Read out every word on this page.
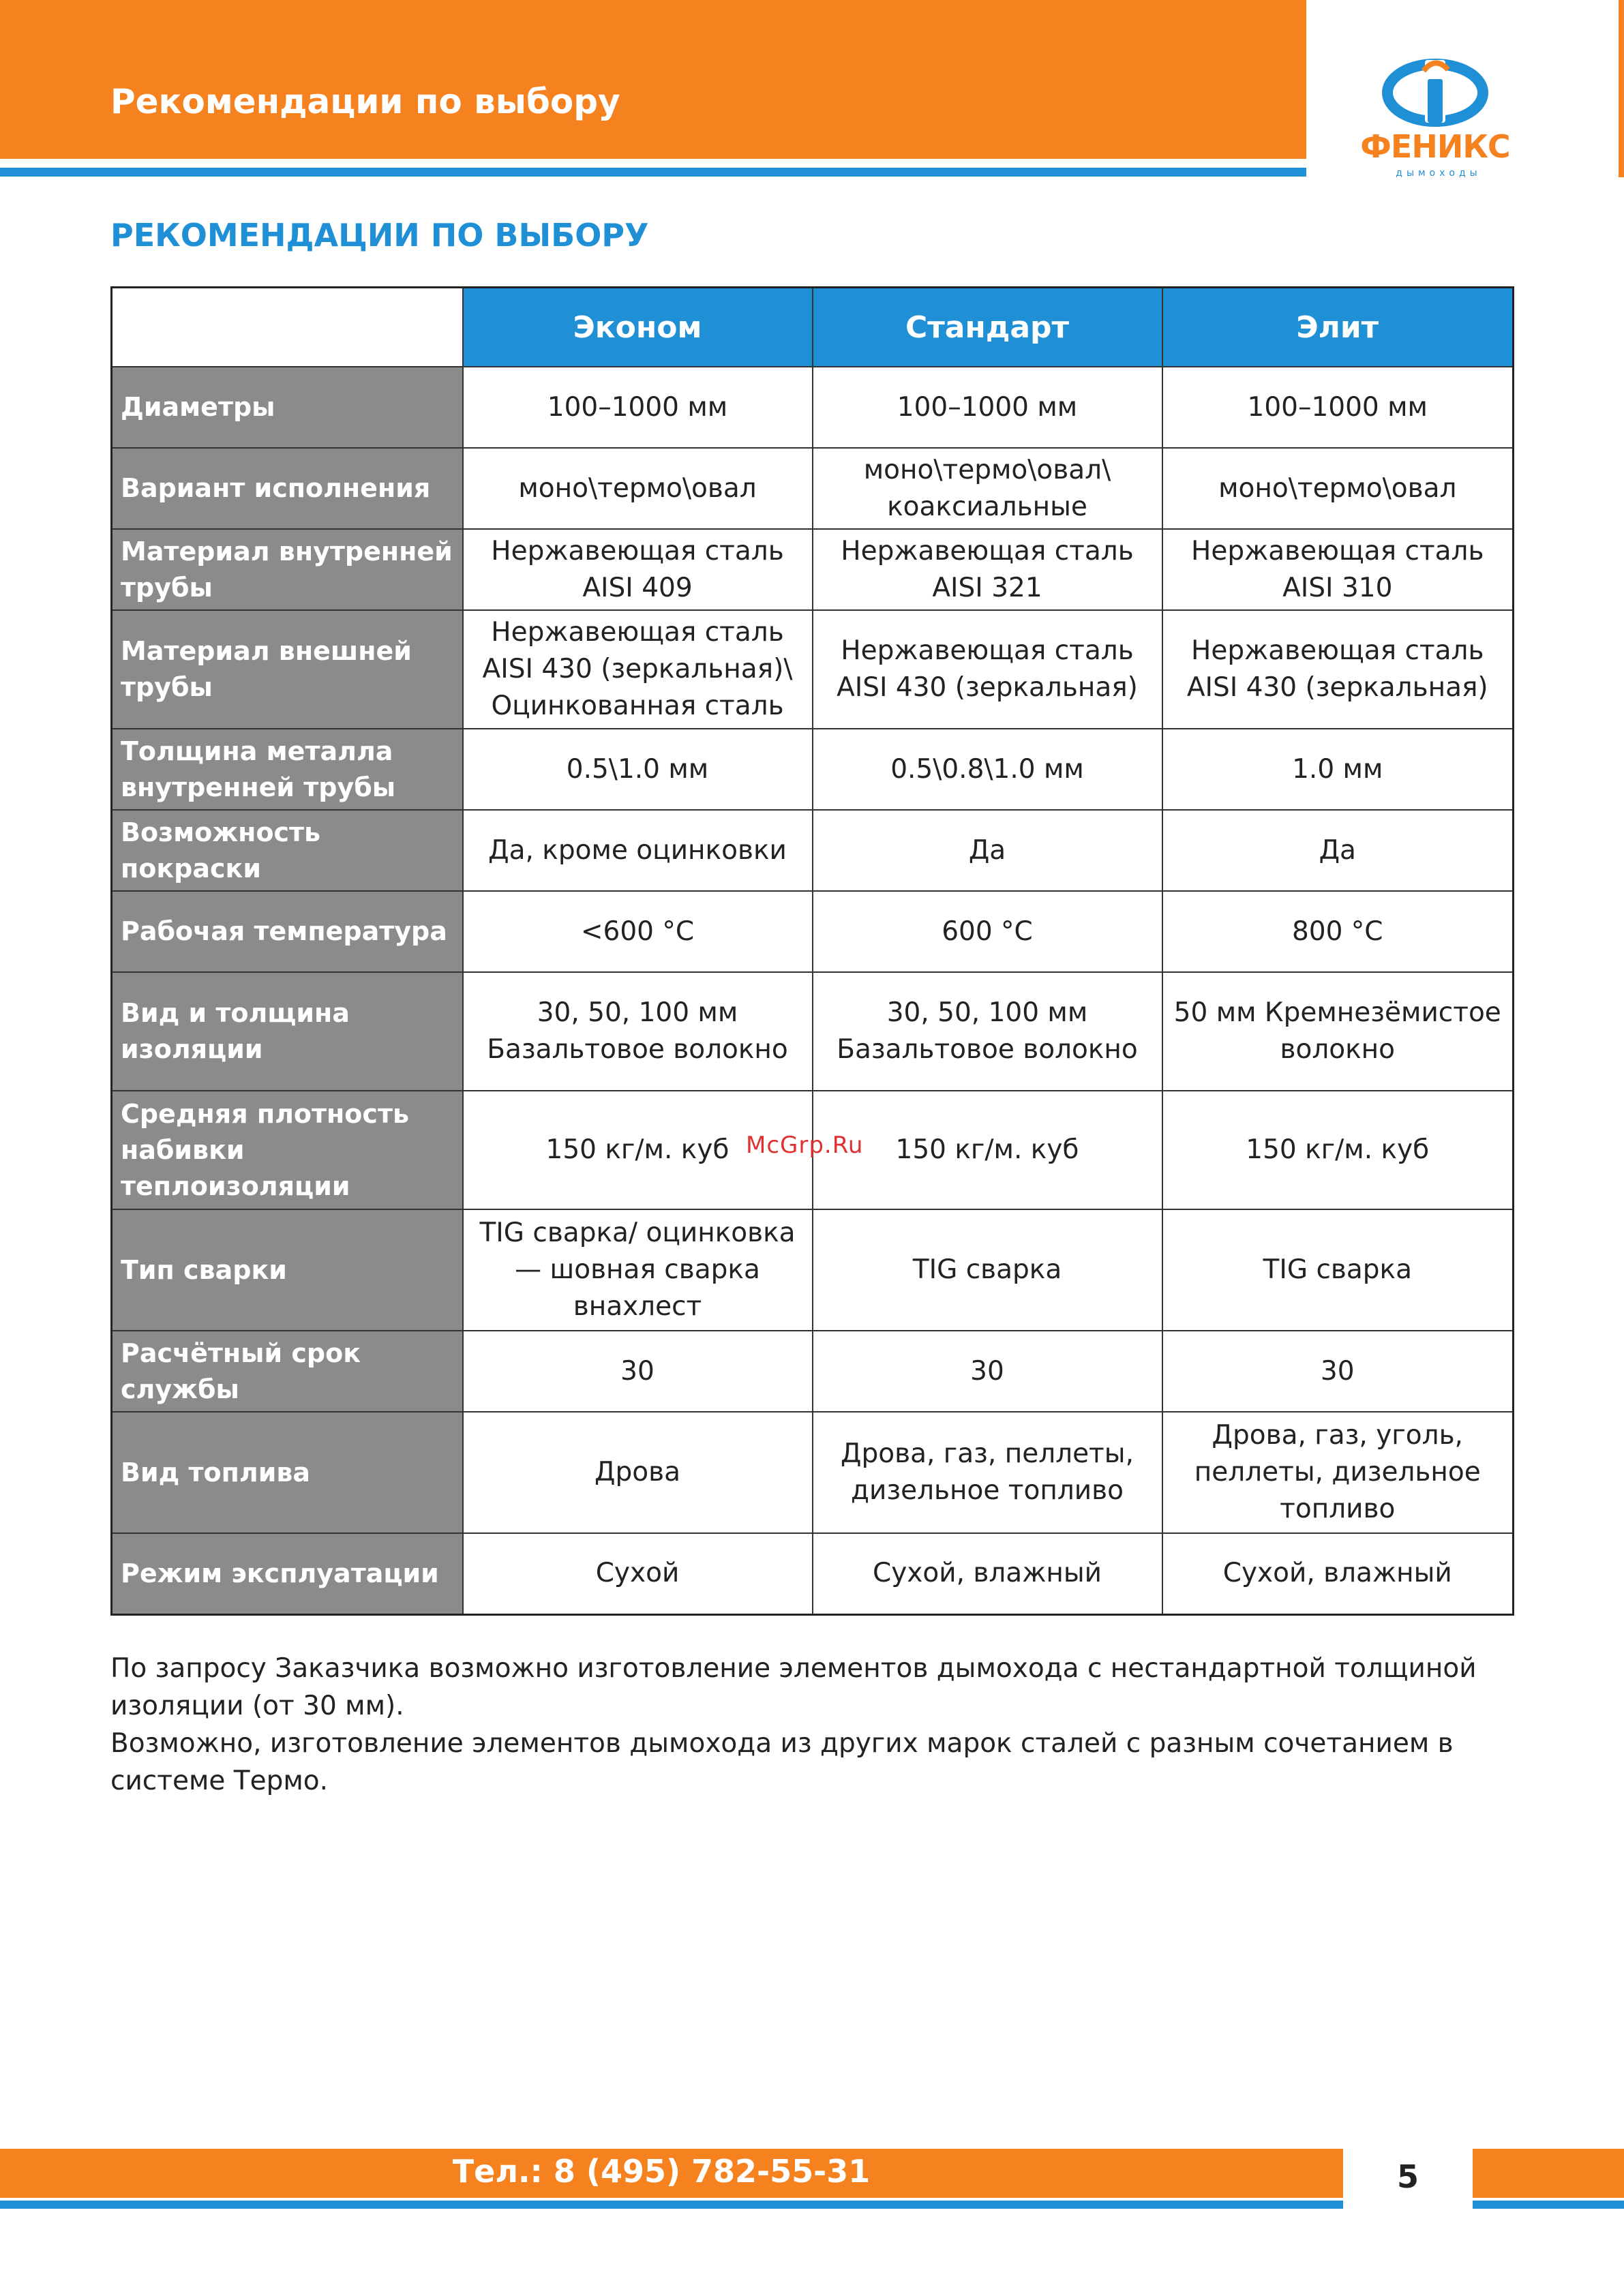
Рекомендации по выбору
ФЕНИКС
дымоходы
РЕКОМЕНДАЦИИ ПО ВЫБОРУ
	Эконом	Стандарт	Элит
Диаметры	100–1000 мм	100–1000 мм	100–1000 мм
Вариант исполнения	моно\термо\овал	моно\термо\овал\ коаксиальные	моно\термо\овал
Материал внутренней трубы	Нержавеющая сталь AISI 409	Нержавеющая сталь AISI 321	Нержавеющая сталь AISI 310
Материал внешней трубы	Нержавеющая сталь AISI 430 (зеркальная)\ Оцинкованная сталь	Нержавеющая сталь AISI 430 (зеркальная)	Нержавеющая сталь AISI 430 (зеркальная)
Толщина металла внутренней трубы	0.5\1.0 мм	0.5\0.8\1.0 мм	1.0 мм
Возможность покраски	Да, кроме оцинковки	Да	Да
Рабочая температура	<600 °C	600 °C	800 °C
Вид и толщина изоляции	30, 50, 100 мм Базальтовое волокно	30, 50, 100 мм Базальтовое волокно	50 мм Кремнезёмистое волокно
Средняя плотность набивки теплоизоляции	150 кг/м. куб	150 кг/м. куб	150 кг/м. куб
Тип сварки	TIG сварка/ оцинковка — шовная сварка внахлест	TIG сварка	TIG сварка
Расчётный срок службы	30	30	30
Вид топлива	Дрова	Дрова, газ, пеллеты, дизельное топливо	Дрова, газ, уголь, пеллеты, дизельное топливо
Режим эксплуатации	Сухой	Сухой, влажный	Сухой, влажный
McGrp.Ru

По запросу Заказчика возможно изготовление элементов дымохода с нестандартной толщиной изоляции (от 30 мм).

Возможно, изготовление элементов дымохода из других марок сталей с разным сочетанием в системе Термо.

Тел.: 8 (495) 782-55-31	5
